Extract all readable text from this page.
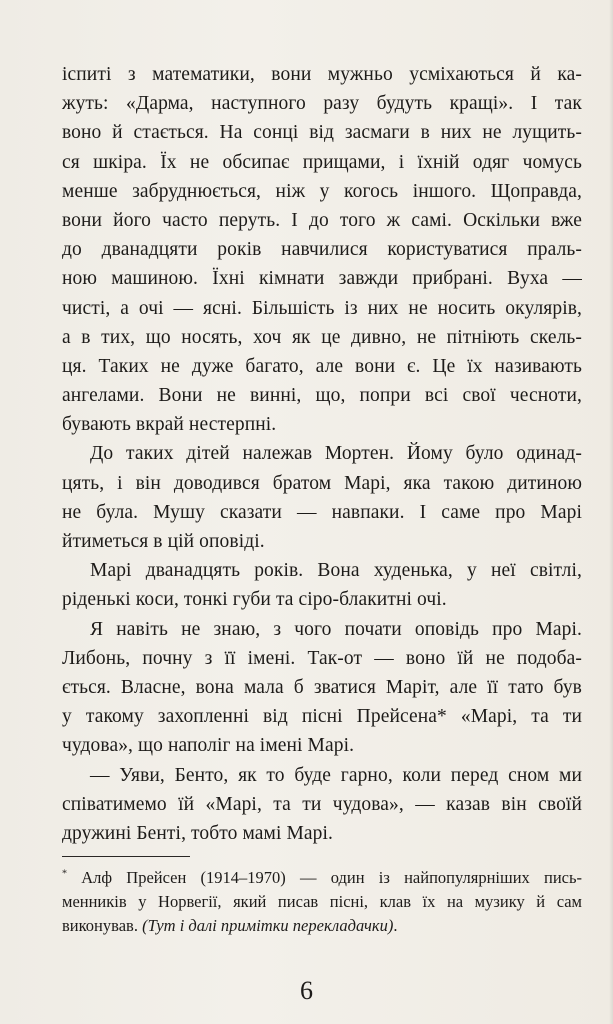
іспиті з математики, вони мужньо усміхаються й ка-
жуть: «Дарма, наступного разу будуть кращі». І так
воно й стається. На сонці від засмаги в них не лущить-
ся шкіра. Їх не обсипає прищами, і їхній одяг чомусь
менше забруднюється, ніж у когось іншого. Щоправда,
вони його часто перуть. І до того ж самі. Оскільки вже
до дванадцяти років навчилися користуватися праль-
ною машиною. Їхні кімнати завжди прибрані. Вуха —
чисті, а очі — ясні. Більшість із них не носить окулярів,
а в тих, що носять, хоч як це дивно, не пітніють скель-
ця. Таких не дуже багато, але вони є. Це їх називають
ангелами. Вони не винні, що, попри всі свої чесноти,
бувають вкрай нестерпні.
До таких дітей належав Мортен. Йому було одинад-
цять, і він доводився братом Марі, яка такою дитиною
не була. Мушу сказати — навпаки. І саме про Марі
йтиметься в цій оповіді.
Марі дванадцять років. Вона худенька, у неї світлі,
ріденькі коси, тонкі губи та сіро-блакитні очі.
Я навіть не знаю, з чого почати оповідь про Марі.
Либонь, почну з її імені. Так-от — воно їй не подоба-
ється. Власне, вона мала б зватися Маріт, але її тато був
у такому захопленні від пісні Прейсена* «Марі, та ти
чудова», що наполіг на імені Марі.
— Уяви, Бенто, як то буде гарно, коли перед сном ми
співатимемо їй «Марі, та ти чудова», — казав він своїй
дружині Бенті, тобто мамі Марі.
* Алф Прейсен (1914–1970) — один із найпопулярніших пись-
менників у Норвегії, який писав пісні, клав їх на музику й сам
виконував. (Тут і далі примітки перекладачки).
6
